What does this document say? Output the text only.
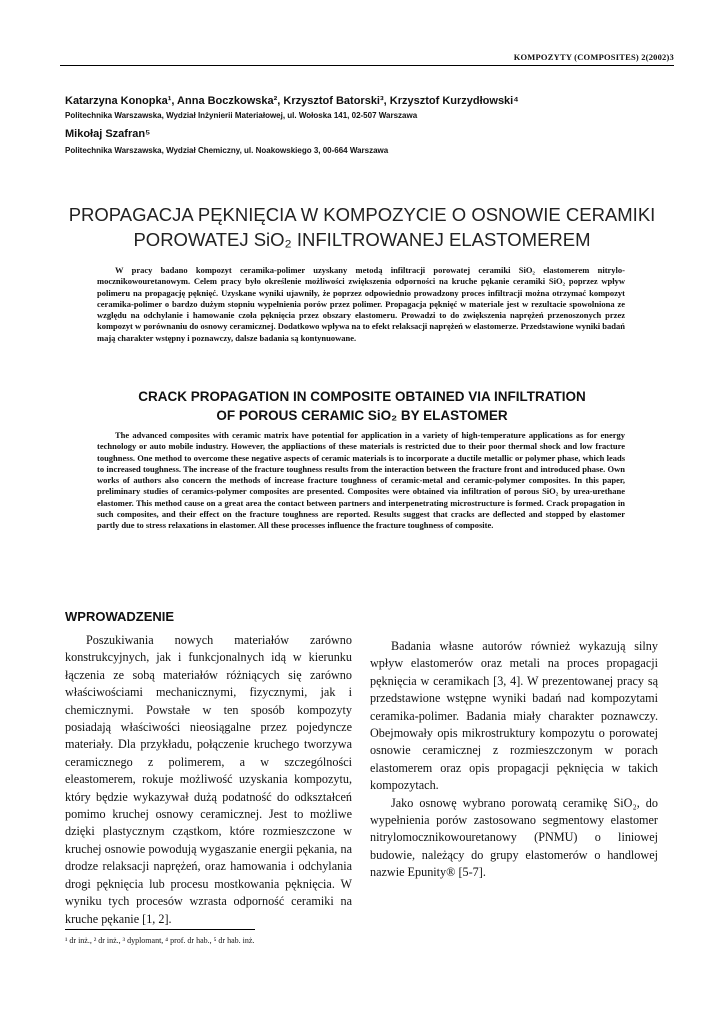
KOMPOZYTY (COMPOSITES) 2(2002)3
Katarzyna Konopka¹, Anna Boczkowska², Krzysztof Batorski³, Krzysztof Kurzydłowski⁴
Politechnika Warszawska, Wydział Inżynierii Materiałowej, ul. Wołoska 141, 02-507 Warszawa
Mikołaj Szafran⁵
Politechnika Warszawska, Wydział Chemiczny, ul. Noakowskiego 3, 00-664 Warszawa
PROPAGACJA PĘKNIĘCIA W KOMPOZYCIE O OSNOWIE CERAMIKI
POROWATEJ SiO₂ INFILTROWANEJ ELASTOMEREM
W pracy badano kompozyt ceramika-polimer uzyskany metodą infiltracji porowatej ceramiki SiO₂ elastomerem nitrylomocznikowouretanowym. Celem pracy było określenie możliwości zwiększenia odporności na kruche pękanie ceramiki SiO₂ poprzez wpływ polimeru na propagację pęknięć. Uzyskane wyniki ujawniły, że poprzez odpowiednio prowadzony proces infiltracji można otrzymać kompozyt ceramika-polimer o bardzo dużym stopniu wypełnienia porów przez polimer. Propagacja pęknięć w materiale jest w rezultacie spowolniona ze względu na odchylanie i hamowanie czoła pęknięcia przez obszary elastomeru. Prowadzi to do zwiększenia naprężeń przenoszonych przez kompozyt w porównaniu do osnowy ceramicznej. Dodatkowo wpływa na to efekt relaksacji naprężeń w elastomerze. Przedstawione wyniki badań mają charakter wstępny i poznawczy, dalsze badania są kontynuowane.
CRACK PROPAGATION IN COMPOSITE OBTAINED VIA INFILTRATION
OF POROUS CERAMIC SiO₂ BY ELASTOMER
The advanced composites with ceramic matrix have potential for application in a variety of high-temperature applications as for energy technology or auto mobile industry. However, the appliactions of these materials is restricted due to their poor thermal shock and low fracture toughness. One method to overcome these negative aspects of ceramic materials is to incorporate a ductile metallic or polymer phase, which leads to increased toughness. The increase of the fracture toughness results from the interaction between the fracture front and introduced phase. Own works of authors also concern the methods of increase fracture toughness of ceramic-metal and ceramic-polymer composites. In this paper, preliminary studies of ceramics-polymer composites are presented. Composites were obtained via infiltration of porous SiO₂ by urea-urethane elastomer. This method cause on a great area the contact between partners and interpenetrating microstructure is formed. Crack propagation in such composites, and their effect on the fracture toughness are reported. Results suggest that cracks are deflected and stopped by elastomer partly due to stress relaxations in elastomer. All these processes influence the fracture toughness of composite.
WPROWADZENIE

Poszukiwania nowych materiałów zarówno konstrukcyjnych, jak i funkcjonalnych idą w kierunku łączenia ze sobą materiałów różniących się zarówno właściwościami mechanicznymi, fizycznymi, jak i chemicznymi. Powstałe w ten sposób kompozyty posiadają właściwości nieosiągalne przez pojedyncze materiały. Dla przykładu, połączenie kruchego tworzywa ceramicznego z polimerem, a w szczególności eleastomerem, rokuje możliwość uzyskania kompozytu, który będzie wykazywał dużą podatność do odkształceń pomimo kruchej osnowy ceramicznej. Jest to możliwe dzięki plastycznym cząstkom, które rozmieszczone w kruchej osnowie powodują wygaszanie energii pękania, na drodze relaksacji naprężeń, oraz hamowania i odchylania drogi pęknięcia lub procesu mostkowania pęknięcia. W wyniku tych procesów wzrasta odporność ceramiki na kruche pękanie [1, 2].

Badania własne autorów również wykazują silny wpływ elastomerów oraz metali na proces propagacji pęknięcia w ceramikach [3, 4]. W prezentowanej pracy są przedstawione wstępne wyniki badań nad kompozytami ceramika-polimer. Badania miały charakter poznawczy. Obejmowały opis mikrostruktury kompozytu o porowatej osnowie ceramicznej z rozmieszczonym w porach elastomerem oraz opis propagacji pęknięcia w takich kompozytach.

Jako osnowę wybrano porowatą ceramikę SiO₂, do wypełnienia porów zastosowano segmentowy elastomer nitrylomocznikowouretanowy (PNMU) o liniowej budowie, należący do grupy elastomerów o handlowej nazwie Epunity® [5-7].

¹ dr inż., ² dr inż., ³ dyplomant, ⁴ prof. dr hab., ⁵ dr hab. inż.
